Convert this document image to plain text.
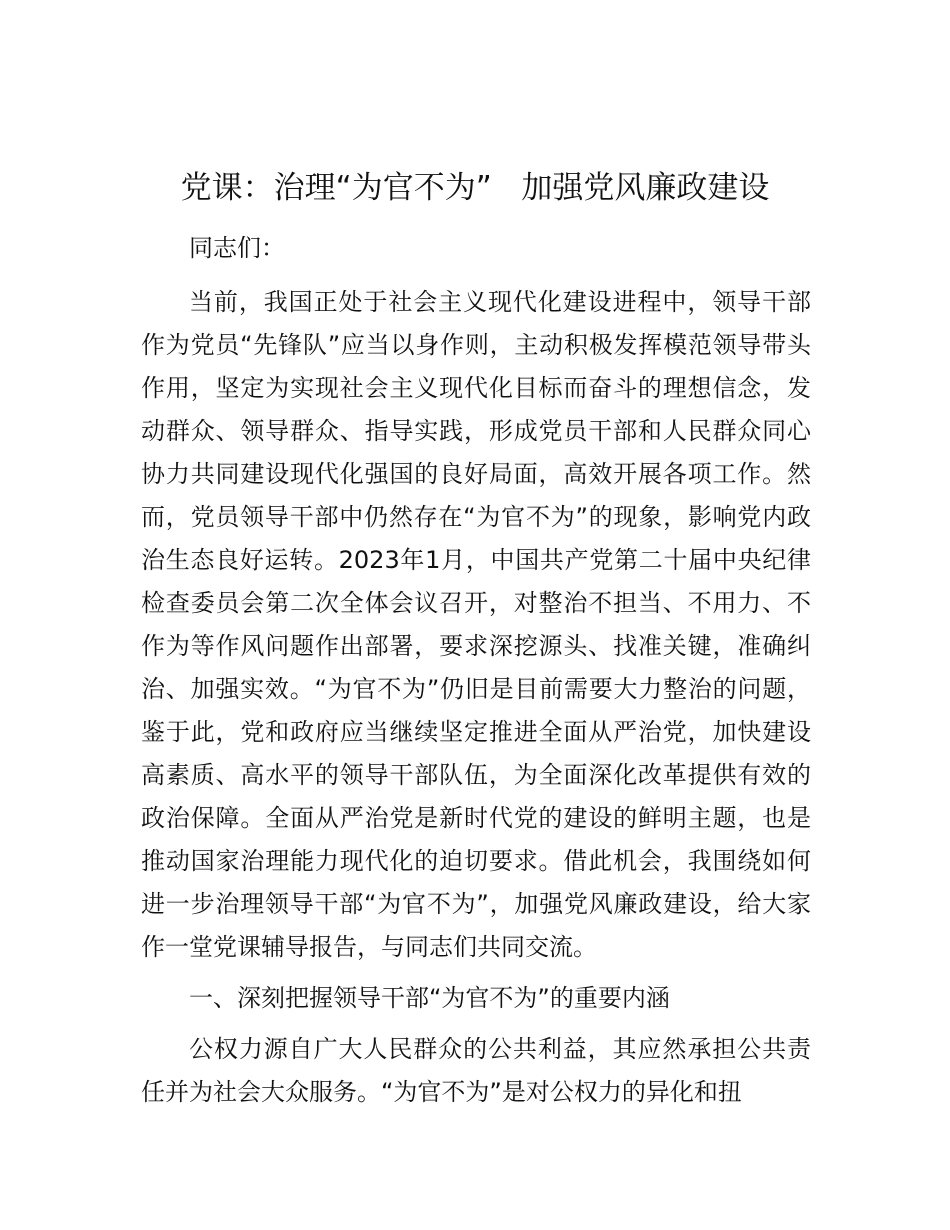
党课：治理“为官不为”   加强党风廉政建设

同志们：

当前，我国正处于社会主义现代化建设进程中，领导干部作为党员“先锋队”应当以身作则，主动积极发挥模范领导带头作用，坚定为实现社会主义现代化目标而奋斗的理想信念，发动群众、领导群众、指导实践，形成党员干部和人民群众同心协力共同建设现代化强国的良好局面，高效开展各项工作。然而，党员领导干部中仍然存在“为官不为”的现象，影响党内政治生态良好运转。2023年1月，中国共产党第二十届中央纪律检查委员会第二次全体会议召开，对整治不担当、不用力、不作为等作风问题作出部署，要求深挖源头、找准关键，准确纠治、加强实效。“为官不为”仍旧是目前需要大力整治的问题，鉴于此，党和政府应当继续坚定推进全面从严治党，加快建设高素质、高水平的领导干部队伍，为全面深化改革提供有效的政治保障。全面从严治党是新时代党的建设的鲜明主题，也是推动国家治理能力现代化的迫切要求。借此机会，我围绕如何进一步治理领导干部“为官不为”，加强党风廉政建设，给大家作一堂党课辅导报告，与同志们共同交流。

一、深刻把握领导干部“为官不为”的重要内涵

公权力源自广大人民群众的公共利益，其应然承担公共责任并为社会大众服务。“为官不为”是对公权力的异化和扭
